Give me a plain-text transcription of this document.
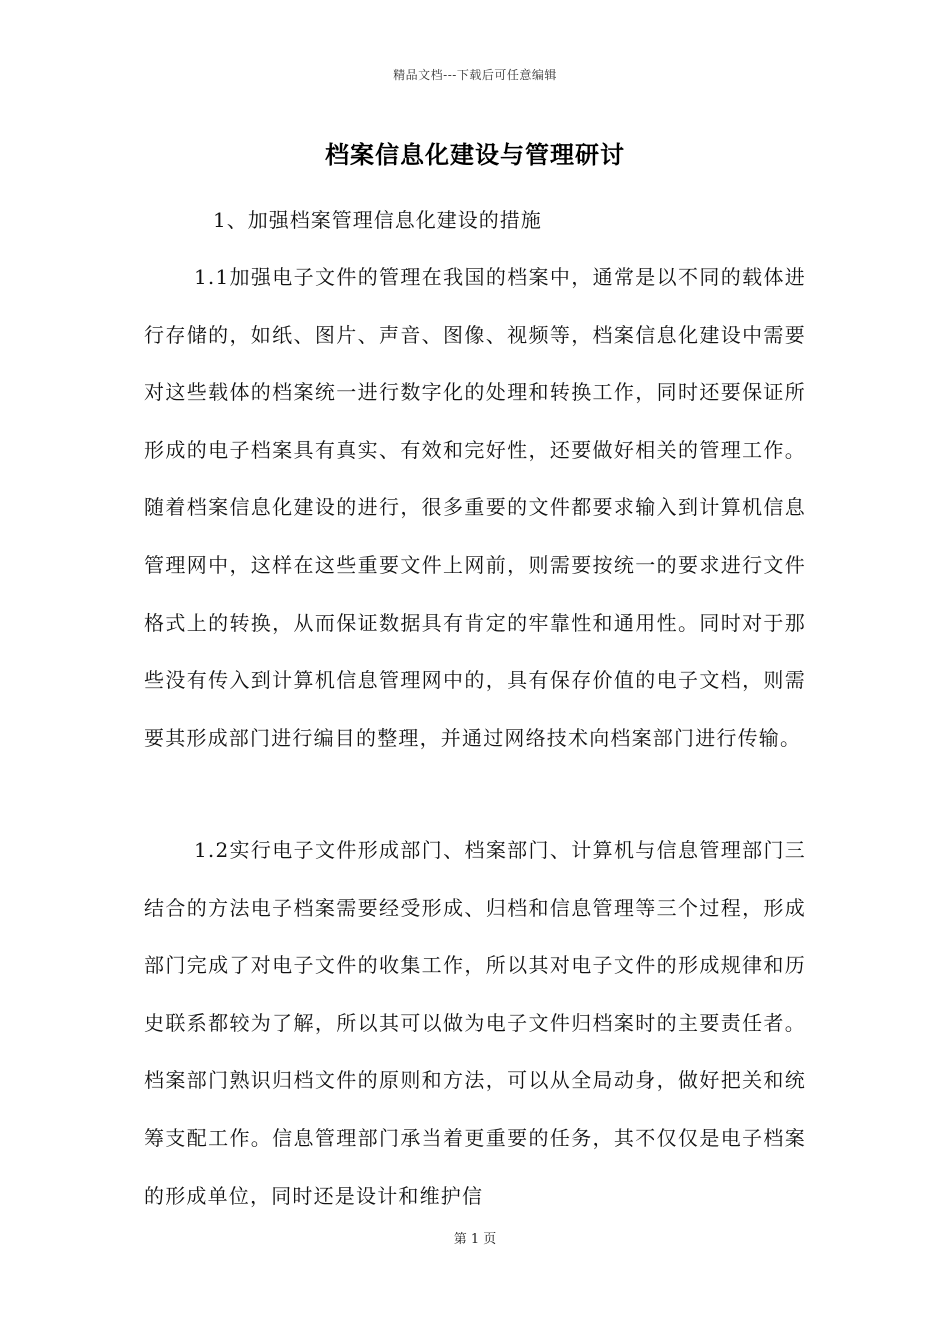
精品文档---下载后可任意编辑
档案信息化建设与管理研讨
1、加强档案管理信息化建设的措施

1.1加强电子文件的管理在我国的档案中，通常是以不同的载体进行存储的，如纸、图片、声音、图像、视频等，档案信息化建设中需要对这些载体的档案统一进行数字化的处理和转换工作，同时还要保证所形成的电子档案具有真实、有效和完好性，还要做好相关的管理工作。随着档案信息化建设的进行，很多重要的文件都要求输入到计算机信息管理网中，这样在这些重要文件上网前，则需要按统一的要求进行文件格式上的转换，从而保证数据具有肯定的牢靠性和通用性。同时对于那些没有传入到计算机信息管理网中的，具有保存价值的电子文档，则需要其形成部门进行编目的整理，并通过网络技术向档案部门进行传输。

1.2实行电子文件形成部门、档案部门、计算机与信息管理部门三结合的方法电子档案需要经受形成、归档和信息管理等三个过程，形成部门完成了对电子文件的收集工作，所以其对电子文件的形成规律和历史联系都较为了解，所以其可以做为电子文件归档案时的主要责任者。档案部门熟识归档文件的原则和方法，可以从全局动身，做好把关和统筹支配工作。信息管理部门承当着更重要的任务，其不仅仅是电子档案的形成单位，同时还是设计和维护信

第 1 页
